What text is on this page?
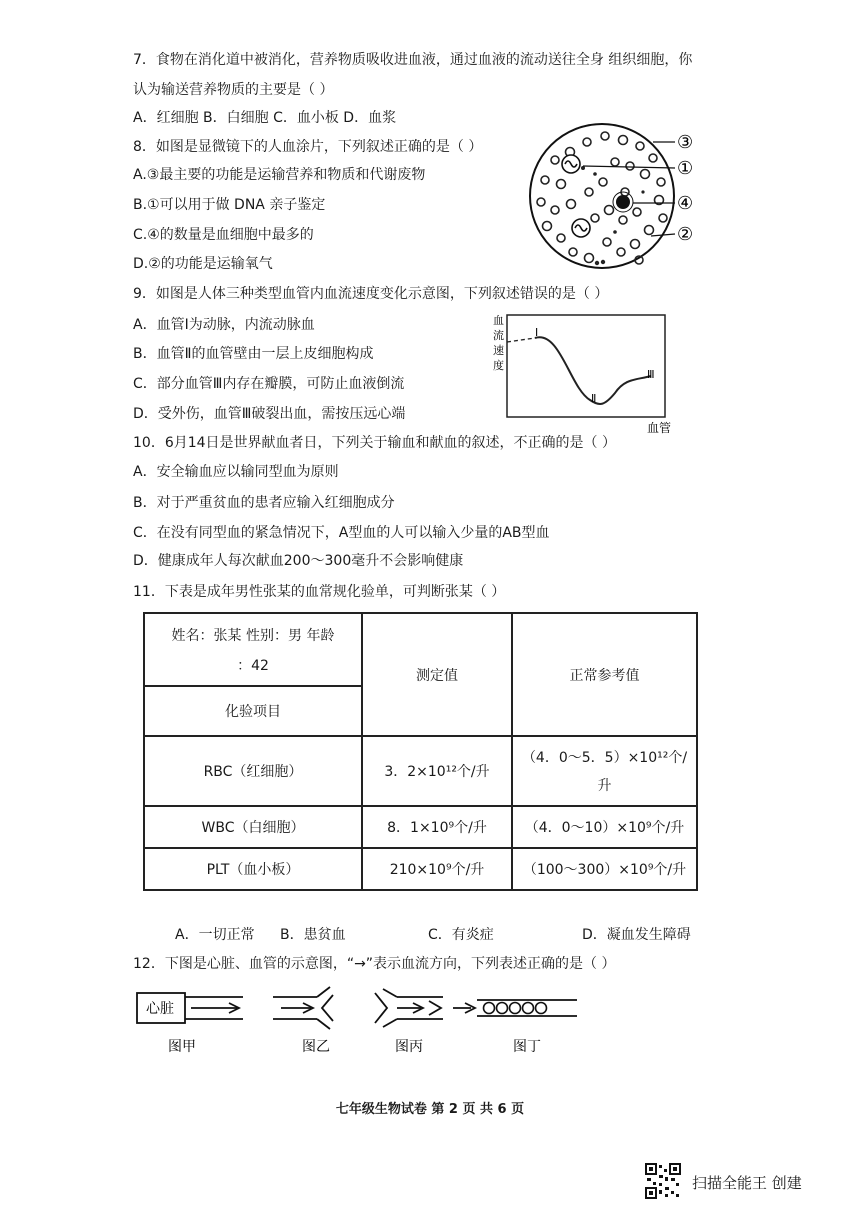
7．食物在消化道中被消化，营养物质吸收进血液，通过血液的流动送往全身 组织细胞，你
认为输送营养物质的主要是（ ）
A．红细胞 B．白细胞 C．血小板 D．血浆
8．如图是显微镜下的人血涂片，下列叙述正确的是（ ）
A.③最主要的功能是运输营养和物质和代谢废物
B.①可以用于做 DNA 亲子鉴定
C.④的数量是血细胞中最多的
D.②的功能是运输氧气
③
①
④
②
9．如图是人体三种类型血管内血流速度变化示意图，下列叙述错误的是（ ）
A．血管Ⅰ为动脉，内流动脉血
B．血管Ⅱ的血管壁由一层上皮细胞构成
C．部分血管Ⅲ内存在瓣膜，可防止血液倒流
D．受外伤，血管Ⅲ破裂出血，需按压远心端
血
流
速
度
Ⅰ
Ⅱ
Ⅲ
血管
10．6月14日是世界献血者日，下列关于输血和献血的叙述，不正确的是（ ）
A．安全输血应以输同型血为原则
B．对于严重贫血的患者应输入红细胞成分
C．在没有同型血的紧急情况下，A型血的人可以输入少量的AB型血
D．健康成年人每次献血200～300毫升不会影响健康
11．下表是成年男性张某的血常规化验单，可判断张某（ ）
姓名：张某 性别：男 年龄
：42	测定值	正常参考值
化验项目		
RBC（红细胞）	3．2×10¹²个/升	（4．0～5．5）×10¹²个/
升

WBC（白细胞）	8．1×10⁹个/升	（4．0～10）×10⁹个/升
PLT（血小板）	210×10⁹个/升	（100～300）×10⁹个/升
A．一切正常 B．患贫血	C．有炎症	D．凝血发生障碍
12．下图是心脏、血管的示意图，“→”表示血流方向，下列表述正确的是（ ）
心脏
图甲	图乙	图丙	图丁
七年级生物试卷 第 2 页 共 6 页
扫描全能王 创建
